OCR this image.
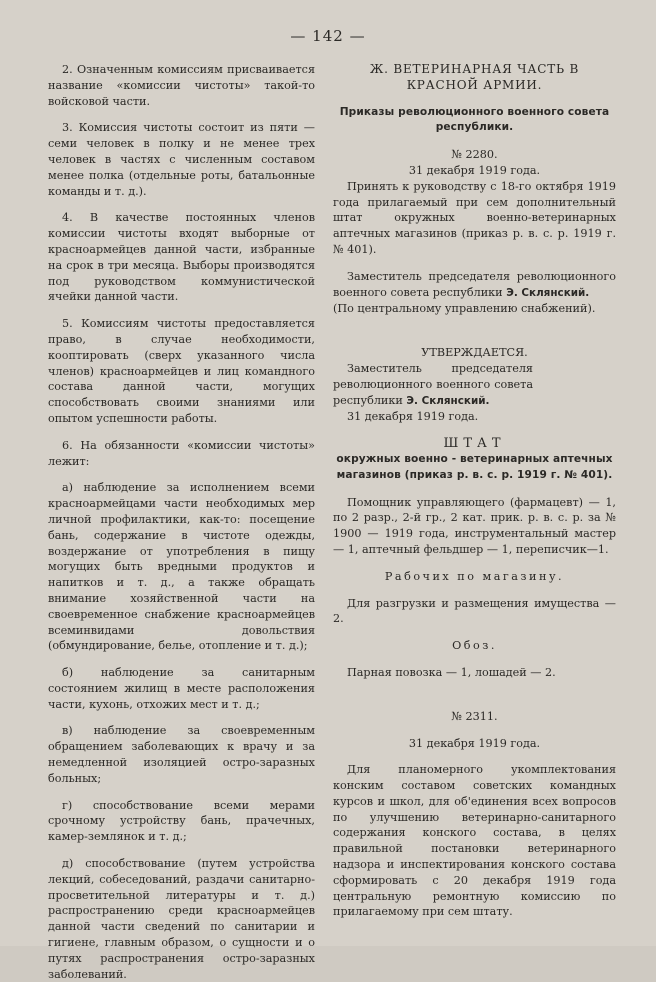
— 142 —

2. Означенным комиссиям присваивается название «комиссии чистоты» такой-то войсковой части.

3. Комиссия чистоты состоит из пяти — семи человек в полку и не менее трех человек в частях с численным составом менее полка (отдельные роты, батальонные команды и т. д.).

4. В качестве постоянных членов комиссии чистоты входят выборные от красноармейцев данной части, избранные на срок в три месяца. Выборы производятся под руководством коммунистической ячейки данной части.

5. Комиссиям чистоты предоставляется право, в случае необходимости, кооптировать (сверх указанного числа членов) красноармейцев и лиц командного состава данной части, могущих способствовать своими знаниями или опытом успешности работы.

6. На обязанности «комиссии чистоты» лежит:

а) наблюдение за исполнением всеми красноармейцами части необходимых мер личной профилактики, как-то: посещение бань, содержание в чистоте одежды, воздержание от употребления в пищу могущих быть вредными продуктов и напитков и т. д., а также обращать внимание хозяйственной части на своевременное снабжение красноармейцев всеминвидами довольствия (обмундирование, белье, отопление и т. д.);

б) наблюдение за санитарным состоянием жилищ в месте расположения части, кухонь, отхожих мест и т. д.;

в) наблюдение за своевременным обращением заболевающих к врачу и за немедленной изоляцией остро-заразных больных;

г) способствование всеми мерами срочному устройству бань, прачечных, камер-землянок и т. д.;

д) способствование (путем устройства лекций, собеседований, раздачи санитарно-просветительной литературы и т. д.) распространению среди красноармейцев данной части сведений по санитарии и гигиене, главным образом, о сущности и о путях распространения остро-заразных заболеваний.

Ж. ВЕТЕРИНАРНАЯ ЧАСТЬ В КРАСНОЙ АРМИИ.

Приказы революционного военного совета республики.

№ 2280.

31 декабря 1919 года.

Принять к руководству с 18-го октября 1919 года прилагаемый при сем дополнительный штат окружных военно-ветеринарных аптечных магазинов (приказ р. в. с. р. 1919 г. № 401).

Заместитель председателя революционного военного совета республики Э. Склянский.

(По центральному управлению снабжений).

УТВЕРЖДАЕТСЯ.

Заместитель председателя революционного военного совета республики Э. Склянский.

31 декабря 1919 года.

ШТАТ

окружных военно - ветеринарных аптечных магазинов (приказ р. в. с. р. 1919 г. № 401).

Помощник управляющего (фармацевт) — 1, по 2 разр., 2-й гр., 2 кат. прик. р. в. с. р. за № 1900 — 1919 года, инструментальный мастер — 1, аптечный фельдшер — 1, переписчик—1.

Рабочих по магазину.

Для разгрузки и размещения имущества — 2.

Обоз.

Парная повозка — 1, лошадей — 2.

№ 2311.

31 декабря 1919 года.

Для планомерного укомплектования конским составом советских командных курсов и школ, для об'единения всех вопросов по улучшению ветеринарно-санитарного содержания конского состава, в целях правильной постановки ветеринарного надзора и инспектирования конского состава сформировать с 20 декабря 1919 года центральную ремонтную комиссию по прилагаемому при сем штату.
